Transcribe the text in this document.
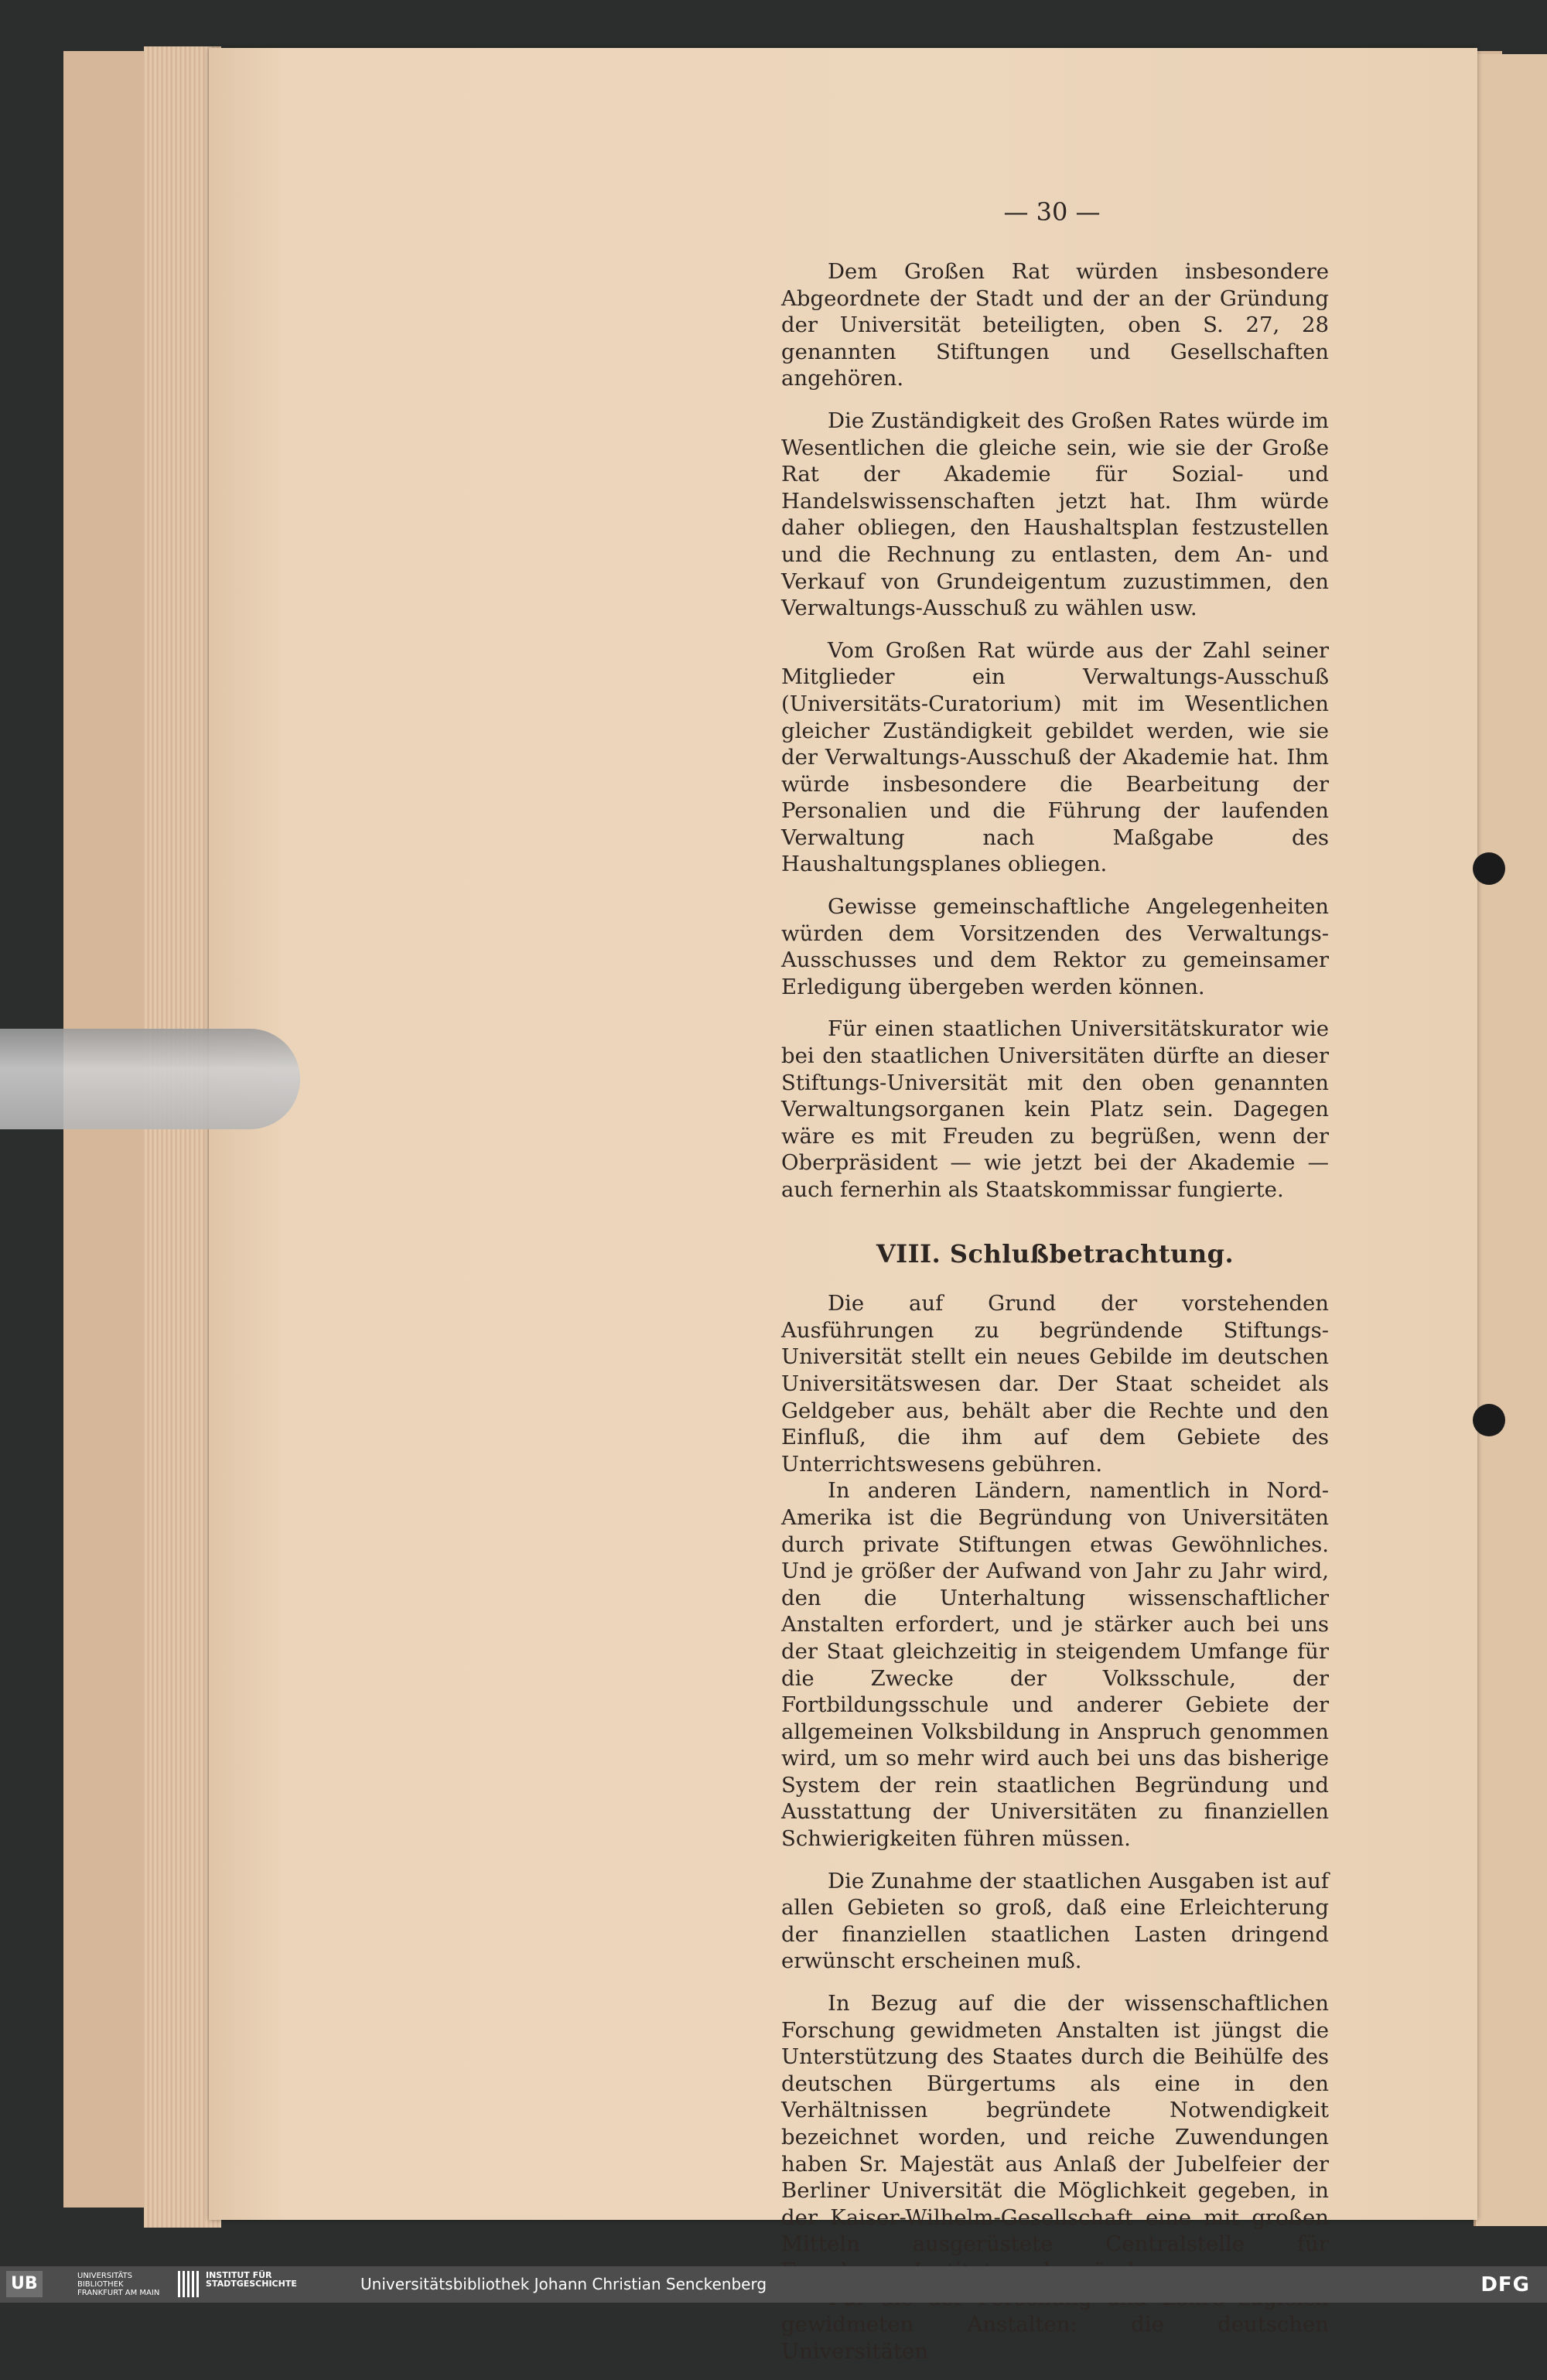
— 30 —

Dem Großen Rat würden insbesondere Abgeordnete der Stadt und der an der Gründung der Universität beteiligten, oben S. 27, 28 genannten Stiftungen und Gesellschaften angehören.

Die Zuständigkeit des Großen Rates würde im Wesentlichen die gleiche sein, wie sie der Große Rat der Akademie für Sozial- und Handelswissenschaften jetzt hat. Ihm würde daher obliegen, den Haushaltsplan festzustellen und die Rechnung zu entlasten, dem An- und Verkauf von Grundeigentum zuzustimmen, den Verwaltungs-Ausschuß zu wählen usw.

Vom Großen Rat würde aus der Zahl seiner Mitglieder ein Verwaltungs-Ausschuß (Universitäts-Curatorium) mit im Wesentlichen gleicher Zuständigkeit gebildet werden, wie sie der Verwaltungs-Ausschuß der Akademie hat. Ihm würde insbesondere die Bearbeitung der Personalien und die Führung der laufenden Verwaltung nach Maßgabe des Haushaltungsplanes obliegen.

Gewisse gemeinschaftliche Angelegenheiten würden dem Vorsitzenden des Verwaltungs-Ausschusses und dem Rektor zu gemeinsamer Erledigung übergeben werden können.

Für einen staatlichen Universitätskurator wie bei den staatlichen Universitäten dürfte an dieser Stiftungs-Universität mit den oben genannten Verwaltungsorganen kein Platz sein. Dagegen wäre es mit Freuden zu begrüßen, wenn der Oberpräsident — wie jetzt bei der Akademie — auch fernerhin als Staatskommissar fungierte.

VIII. Schlußbetrachtung.

Die auf Grund der vorstehenden Ausführungen zu begründende Stiftungs-Universität stellt ein neues Gebilde im deutschen Universitätswesen dar. Der Staat scheidet als Geldgeber aus, behält aber die Rechte und den Einfluß, die ihm auf dem Gebiete des Unterrichtswesens gebühren.

In anderen Ländern, namentlich in Nord-Amerika ist die Begründung von Universitäten durch private Stiftungen etwas Gewöhnliches. Und je größer der Aufwand von Jahr zu Jahr wird, den die Unterhaltung wissenschaftlicher Anstalten erfordert, und je stärker auch bei uns der Staat gleichzeitig in steigendem Umfange für die Zwecke der Volksschule, der Fortbildungsschule und anderer Gebiete der allgemeinen Volksbildung in Anspruch genommen wird, um so mehr wird auch bei uns das bisherige System der rein staatlichen Begründung und Ausstattung der Universitäten zu finanziellen Schwierigkeiten führen müssen.

Die Zunahme der staatlichen Ausgaben ist auf allen Gebieten so groß, daß eine Erleichterung der finanziellen staatlichen Lasten dringend erwünscht erscheinen muß.

In Bezug auf die der wissenschaftlichen Forschung gewidmeten Anstalten ist jüngst die Unterstützung des Staates durch die Beihülfe des deutschen Bürgertums als eine in den Verhältnissen begründete Notwendigkeit bezeichnet worden, und reiche Zuwendungen haben Sr. Majestät aus Anlaß der Jubelfeier der Berliner Universität die Möglichkeit gegeben, in der Kaiser-Wilhelm-Gesellschaft eine mit großen Mitteln ausgerüstete Centralstelle für

gewidmeten Anstalten: die deutschen Universitäten

UB	UNIVERSITÄTS BIBLIOTHEK FRANKFURT AM MAIN
INSTITUT FÜR STADTGESCHICHTE	Universitätsbibliothek Johann Christian Senckenberg	DFG
